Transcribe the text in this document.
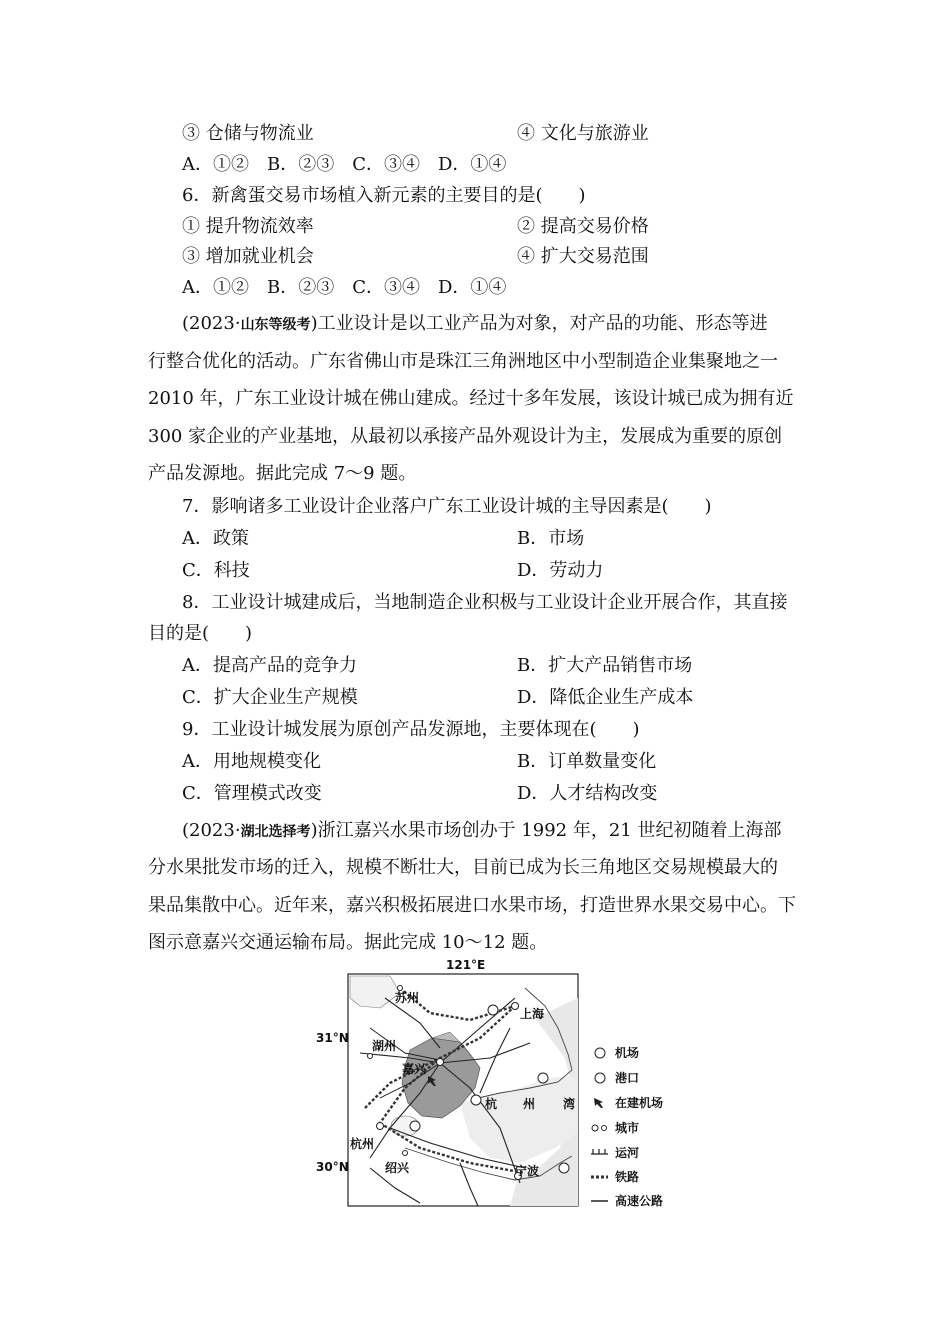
③ 仓储与物流业	④ 文化与旅游业
A．①②　B．②③　C．③④　D．①④
6．新禽蛋交易市场植入新元素的主要目的是(　　)
① 提升物流效率	② 提高交易价格
③ 增加就业机会	④ 扩大交易范围
A．①②　B．②③　C．③④　D．①④
(2023·山东等级考)工业设计是以工业产品为对象，对产品的功能、形态等进
行整合优化的活动。广东省佛山市是珠江三角洲地区中小型制造企业集聚地之一
2010 年，广东工业设计城在佛山建成。经过十多年发展，该设计城已成为拥有近
300 家企业的产业基地，从最初以承接产品外观设计为主，发展成为重要的原创
产品发源地。据此完成 7～9 题。
7．影响诸多工业设计企业落户广东工业设计城的主导因素是(　　)
A．政策	B．市场
C．科技	D．劳动力
8．工业设计城建成后，当地制造企业积极与工业设计企业开展合作，其直接
目的是(　　)
A．提高产品的竞争力	B．扩大产品销售市场
C．扩大企业生产规模	D．降低企业生产成本
9．工业设计城发展为原创产品发源地，主要体现在(　　)
A．用地规模变化	B．订单数量变化
C．管理模式改变	D．人才结构改变
(2023·湖北选择考)浙江嘉兴水果市场创办于 1992 年，21 世纪初随着上海部
分水果批发市场的迁入，规模不断壮大，目前已成为长三角地区交易规模最大的
果品集散中心。近年来，嘉兴积极拓展进口水果市场，打造世界水果交易中心。下
图示意嘉兴交通运输布局。据此完成 10～12 题。
121°E
31°N
30°N
苏州
上海
湖州
嘉兴
杭州
绍兴	宁波
杭 州 湾
机场
港口
在建机场
城市
运河
铁路
高速公路
